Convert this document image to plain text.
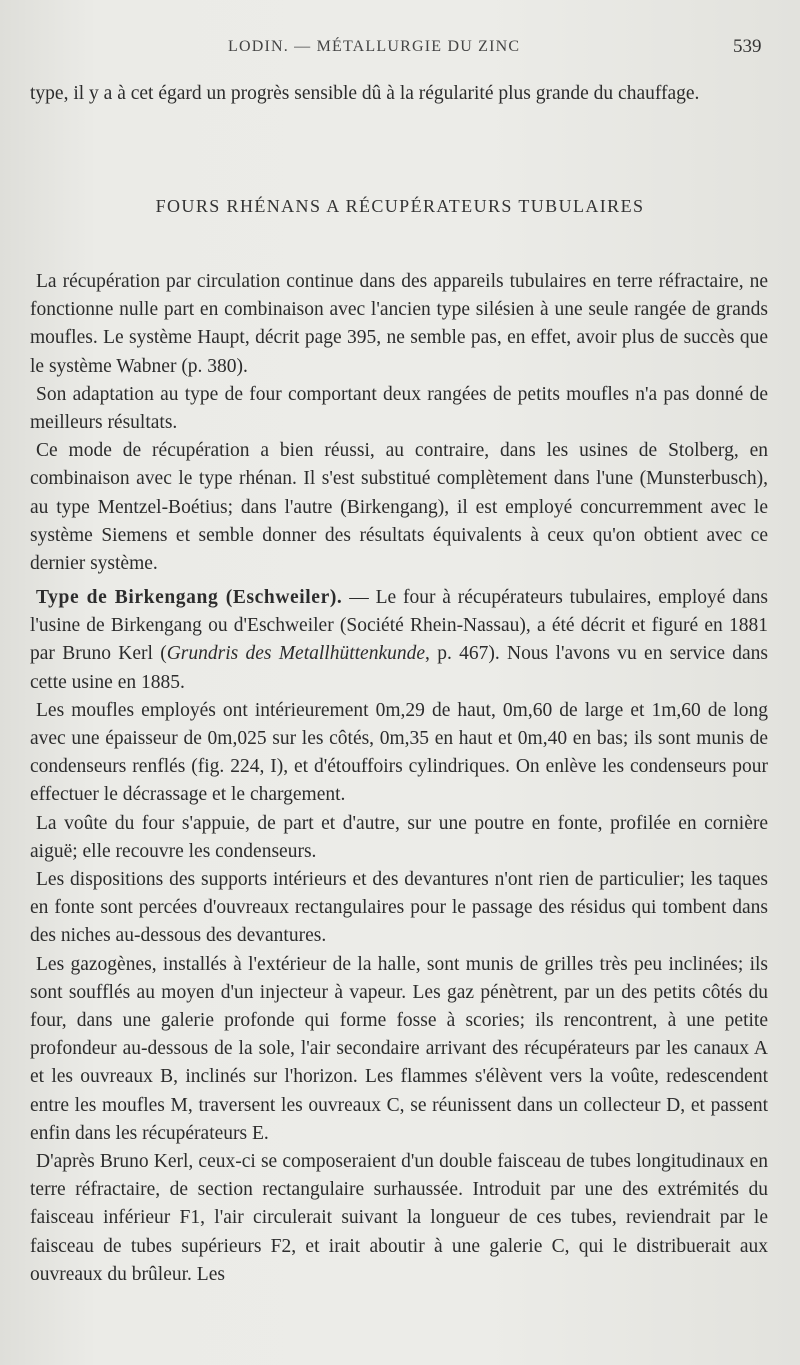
LODIN. — MÉTALLURGIE DU ZINC	539

type, il y a à cet égard un progrès sensible dû à la régularité plus grande du chauffage.

FOURS RHÉNANS A RÉCUPÉRATEURS TUBULAIRES

La récupération par circulation continue dans des appareils tubulaires en terre réfractaire, ne fonctionne nulle part en combinaison avec l'ancien type silésien à une seule rangée de grands moufles. Le système Haupt, décrit page 395, ne semble pas, en effet, avoir plus de succès que le système Wabner (p. 380).

Son adaptation au type de four comportant deux rangées de petits moufles n'a pas donné de meilleurs résultats.

Ce mode de récupération a bien réussi, au contraire, dans les usines de Stolberg, en combinaison avec le type rhénan. Il s'est substitué complètement dans l'une (Munsterbusch), au type Mentzel-Boétius; dans l'autre (Birkengang), il est employé concurremment avec le système Siemens et semble donner des résultats équivalents à ceux qu'on obtient avec ce dernier système.

Type de Birkengang (Eschweiler). — Le four à récupérateurs tubulaires, employé dans l'usine de Birkengang ou d'Eschweiler (Société Rhein-Nassau), a été décrit et figuré en 1881 par Bruno Kerl (Grundris des Metallhüttenkunde, p. 467). Nous l'avons vu en service dans cette usine en 1885.

Les moufles employés ont intérieurement 0m,29 de haut, 0m,60 de large et 1m,60 de long avec une épaisseur de 0m,025 sur les côtés, 0m,35 en haut et 0m,40 en bas; ils sont munis de condenseurs renflés (fig. 224, I), et d'étouffoirs cylindriques. On enlève les condenseurs pour effectuer le décrassage et le chargement.

La voûte du four s'appuie, de part et d'autre, sur une poutre en fonte, profilée en cornière aiguë; elle recouvre les condenseurs.

Les dispositions des supports intérieurs et des devantures n'ont rien de particulier; les taques en fonte sont percées d'ouvreaux rectangulaires pour le passage des résidus qui tombent dans des niches au-dessous des devantures.

Les gazogènes, installés à l'extérieur de la halle, sont munis de grilles très peu inclinées; ils sont soufflés au moyen d'un injecteur à vapeur. Les gaz pénètrent, par un des petits côtés du four, dans une galerie profonde qui forme fosse à scories; ils rencontrent, à une petite profondeur au-dessous de la sole, l'air secondaire arrivant des récupérateurs par les canaux A et les ouvreaux B, inclinés sur l'horizon. Les flammes s'élèvent vers la voûte, redescendent entre les moufles M, traversent les ouvreaux C, se réunissent dans un collecteur D, et passent enfin dans les récupérateurs E.

D'après Bruno Kerl, ceux-ci se composeraient d'un double faisceau de tubes longitudinaux en terre réfractaire, de section rectangulaire surhaussée. Introduit par une des extrémités du faisceau inférieur F1, l'air circulerait suivant la longueur de ces tubes, reviendrait par le faisceau de tubes supérieurs F2, et irait aboutir à une galerie C, qui le distribuerait aux ouvreaux du brûleur. Les
